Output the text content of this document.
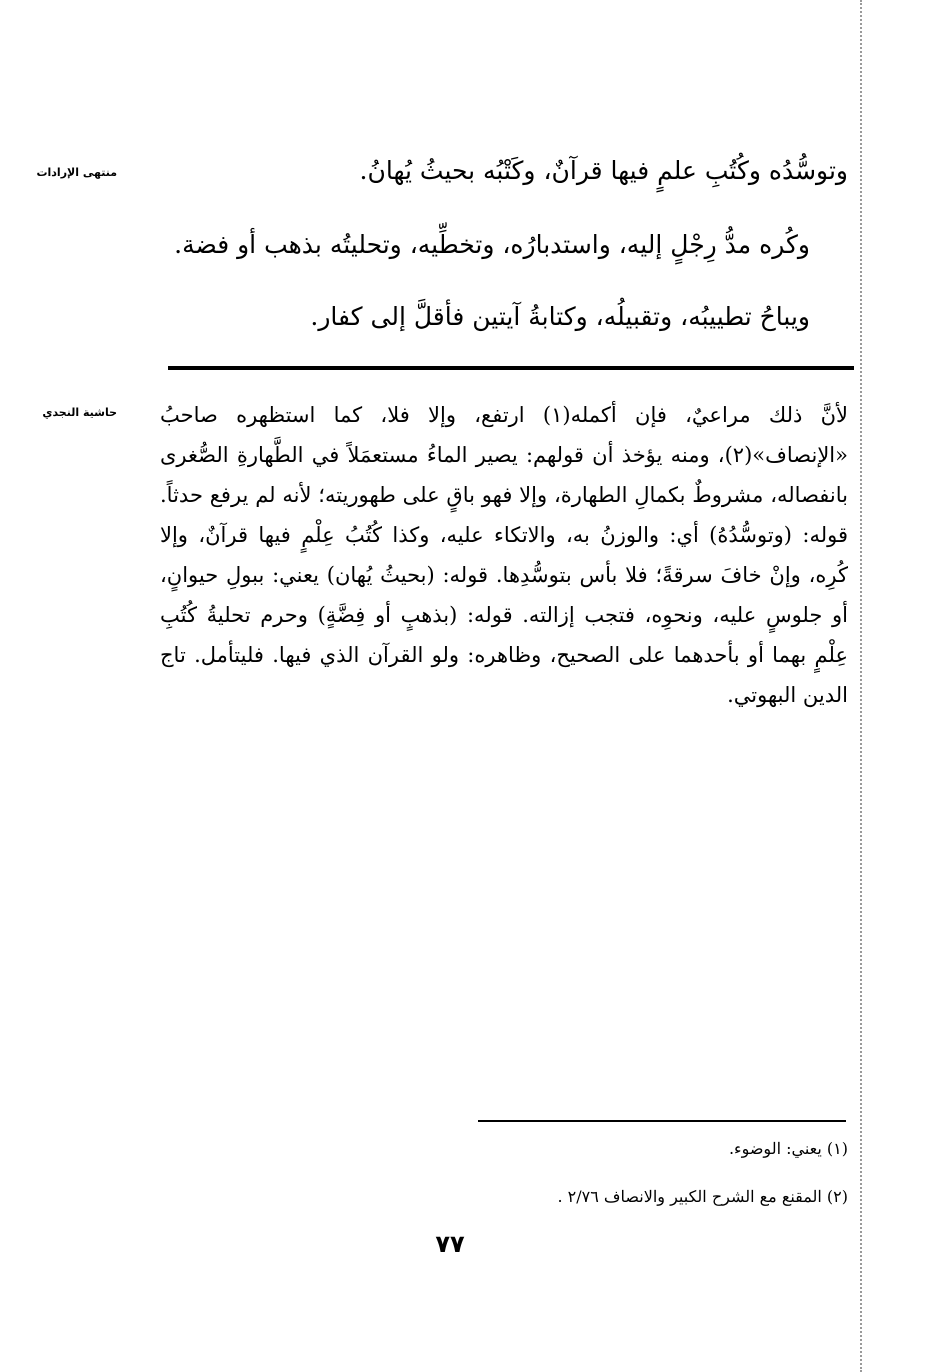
منتهى الإرادات	وتوسُّدُه وكُتُبِ علمٍ فيها قرآنٌ، وكَتْبُه بحيثُ يُهانُ.
وكُره مدُّ رِجْلٍ إليه، واستدبارُه، وتخطِّيه، وتحليتُه بذهب أو فضة.
ويباحُ تطييبُه، وتقبيلُه، وكتابةُ آيتين فأقلَّ إلى كفار.
حاشية النجدي لأنَّ ذلك مراعيٌ، فإن أكمله(١) ارتفع، وإلا فلا، كما استظهره صاحبُ «الإنصاف»(٢)، ومنه يؤخذ أن قولهم: يصير الماءُ مستعمَلاً في الطَّهارةِ الصُّغرى بانفصاله، مشروطٌ بكمالِ الطهارة، وإلا فهو باقٍ على طهوريته؛ لأنه لم يرفع حدثاً. قوله: (وتوسُّدُهُ) أي: والوزنُ به، والاتكاء عليه، وكذا كُتُبُ عِلْمٍ فيها قرآنٌ، وإلا كُرِه، وإنْ خافَ سرقةً؛ فلا بأس بتوسُّدِها. قوله: (بحيثُ يُهان) يعني: ببولِ حيوانٍ، أو جلوسٍ عليه، ونحوِه، فتجب إزالته. قوله: (بذهبٍ أو فِضَّةٍ) وحرم تحليةُ كُتُبِ عِلْمٍ بهما أو بأحدهما على الصحيح، وظاهره: ولو القرآن الذي فيها. فليتأمل. تاج الدين البهوتي.
(١) يعني: الوضوء.
(٢) المقنع مع الشرح الكبير والانصاف ٢/٧٦ .
٧٧
